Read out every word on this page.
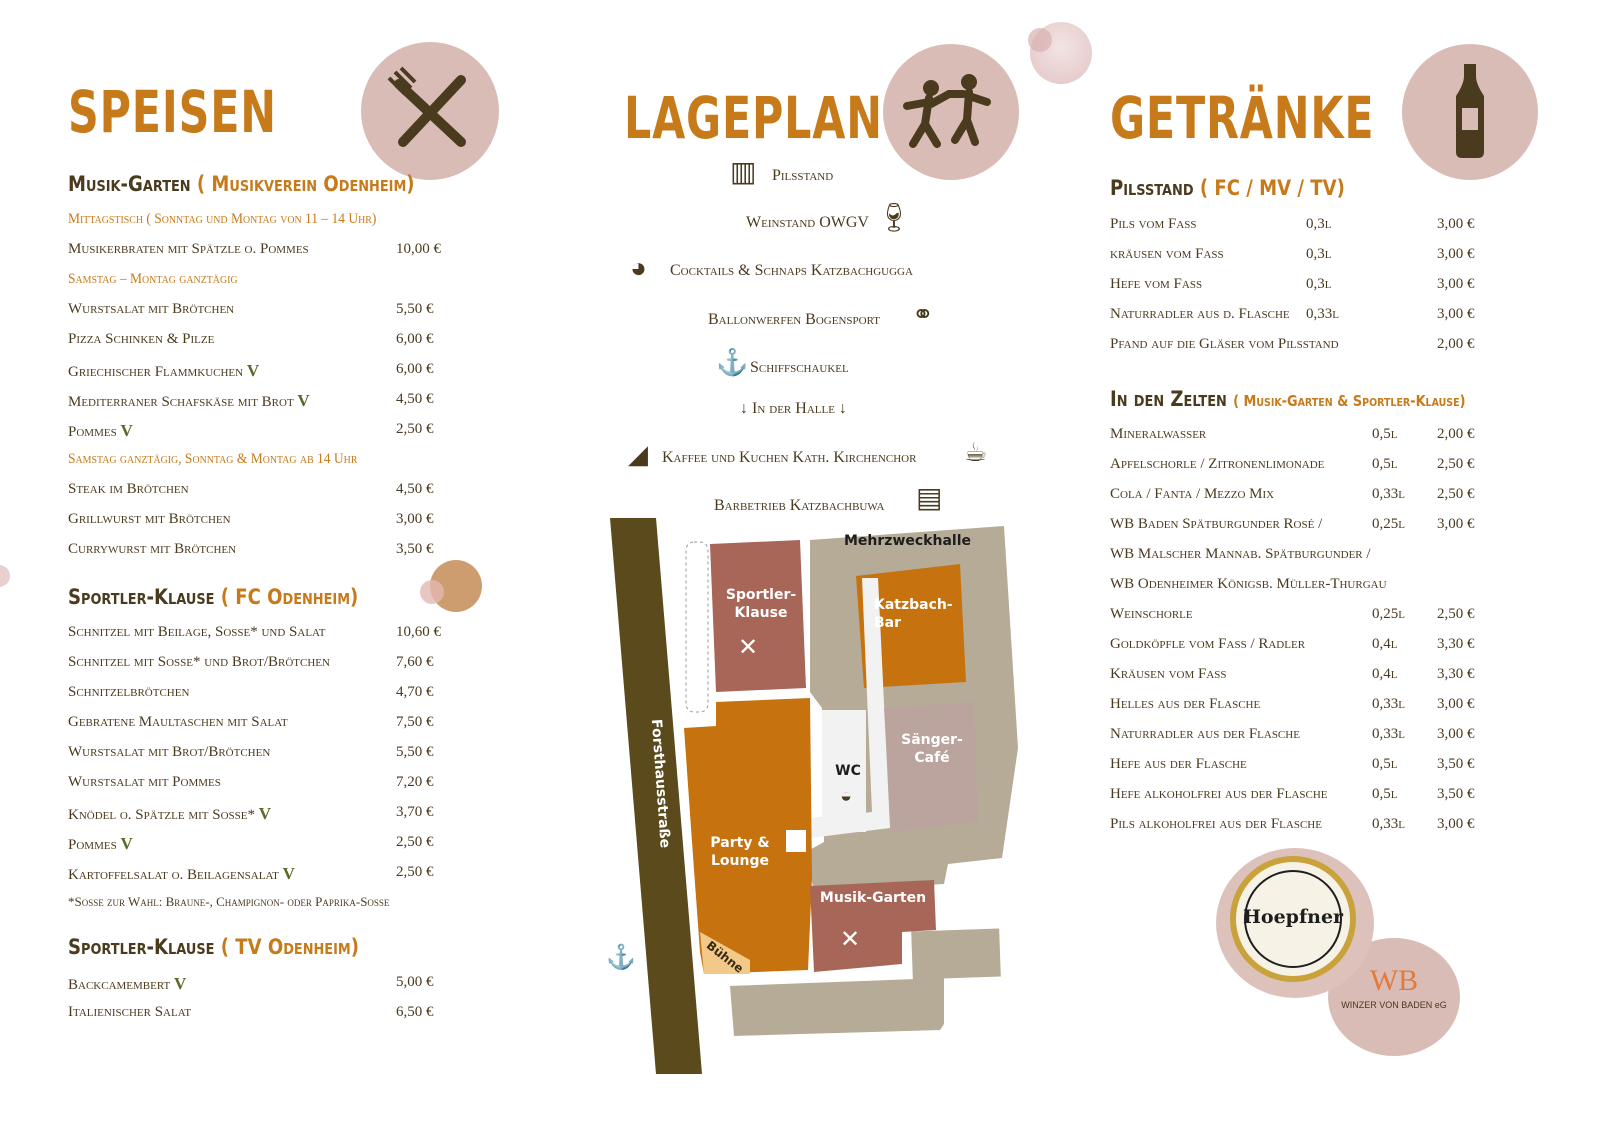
SPEISEN
Musik-Garten ( Musikverein Odenheim)
Mittagstisch ( Sonntag und Montag von 11 – 14 Uhr)
Musikerbraten mit Spätzle o. Pommes	10,00 €
Samstag – Montag ganztägig
Wurstsalat mit Brötchen	5,50 €
Pizza Schinken & Pilze	6,00 €
Griechischer Flammkuchen V	6,00 €
Mediterraner Schafskäse mit Brot V	4,50 €
Pommes V	2,50 €
Samstag ganztägig, Sonntag & Montag ab 14 Uhr
Steak im Brötchen	4,50 €
Grillwurst mit Brötchen	3,00 €
Currywurst mit Brötchen	3,50 €
Sportler-Klause ( FC Odenheim)
Schnitzel mit Beilage, Soße* und Salat	10,60 €
Schnitzel mit Soße* und Brot/Brötchen	7,60 €
Schnitzelbrötchen	4,70 €
Gebratene Maultaschen mit Salat	7,50 €
Wurstsalat mit Brot/Brötchen	5,50 €
Wurstsalat mit Pommes	7,20 €
Knödel o. Spätzle mit Soße* V	3,70 €
Pommes V	2,50 €
Kartoffelsalat o. Beilagensalat V	2,50 €
*Soße zur Wahl: Braune-, Champignon- oder Paprika-Soße
Sportler-Klause ( TV Odenheim)
Backcamembert V	5,00 €
Italienischer Salat	6,50 €
LAGEPLAN
▥ Pilsstand
Weinstand OWGV 🍷︎
◕ Cocktails & Schnaps Katzbachgugga
Ballonwerfen Bogensport ⚭
⚓ Schiffschaukel
↓ In der Halle ↓
◢ Kaffee und Kuchen Kath. Kirchenchor ☕︎
Barbetrieb Katzbachbuwa ▤
Forsthausstraße
Mehrzweckhalle
Sportler-Klause	Katzbach-Bar
Sänger-Café
WC
Party & Lounge
Musik-Garten
Bühne
✕
✕
⚓
◒
GETRÄNKE
Pilsstand ( FC / MV / TV)
Pils vom Fass	0,3l	3,00 €
kräusen vom Fass	0,3l	3,00 €
Hefe vom Fass	0,3l	3,00 €
Naturradler aus d. Flasche 0,33l	3,00 €
Pfand auf die Gläser vom Pilsstand	2,00 €
In den Zelten ( Musik-Garten & Sportler-Klause)
Mineralwasser	0,5l	2,00 €
Apfelschorle / Zitronenlimonade	0,5l	2,50 €
Cola / Fanta / Mezzo Mix	0,33l 2,50 €
WB Baden Spätburgunder Rosé /	0,25l 3,00 €
WB Malscher Mannab. Spätburgunder /
WB Odenheimer Königsb. Müller-Thurgau
Weinschorle	0,25l 2,50 €
Goldköpfle vom Fass / Radler	0,4l	3,30 €
Kräusen vom Fass	0,4l	3,30 €
Helles aus der Flasche	0,33l 3,00 €
Naturradler aus der Flasche	0,33l 3,00 €
Hefe aus der Flasche	0,5l	3,50 €
Hefe alkoholfrei aus der Flasche	0,5l	3,50 €
Pils alkoholfrei aus der Flasche	0,33l 3,00 €
WB
WINZER VON BADEN eG
Hoepfner
